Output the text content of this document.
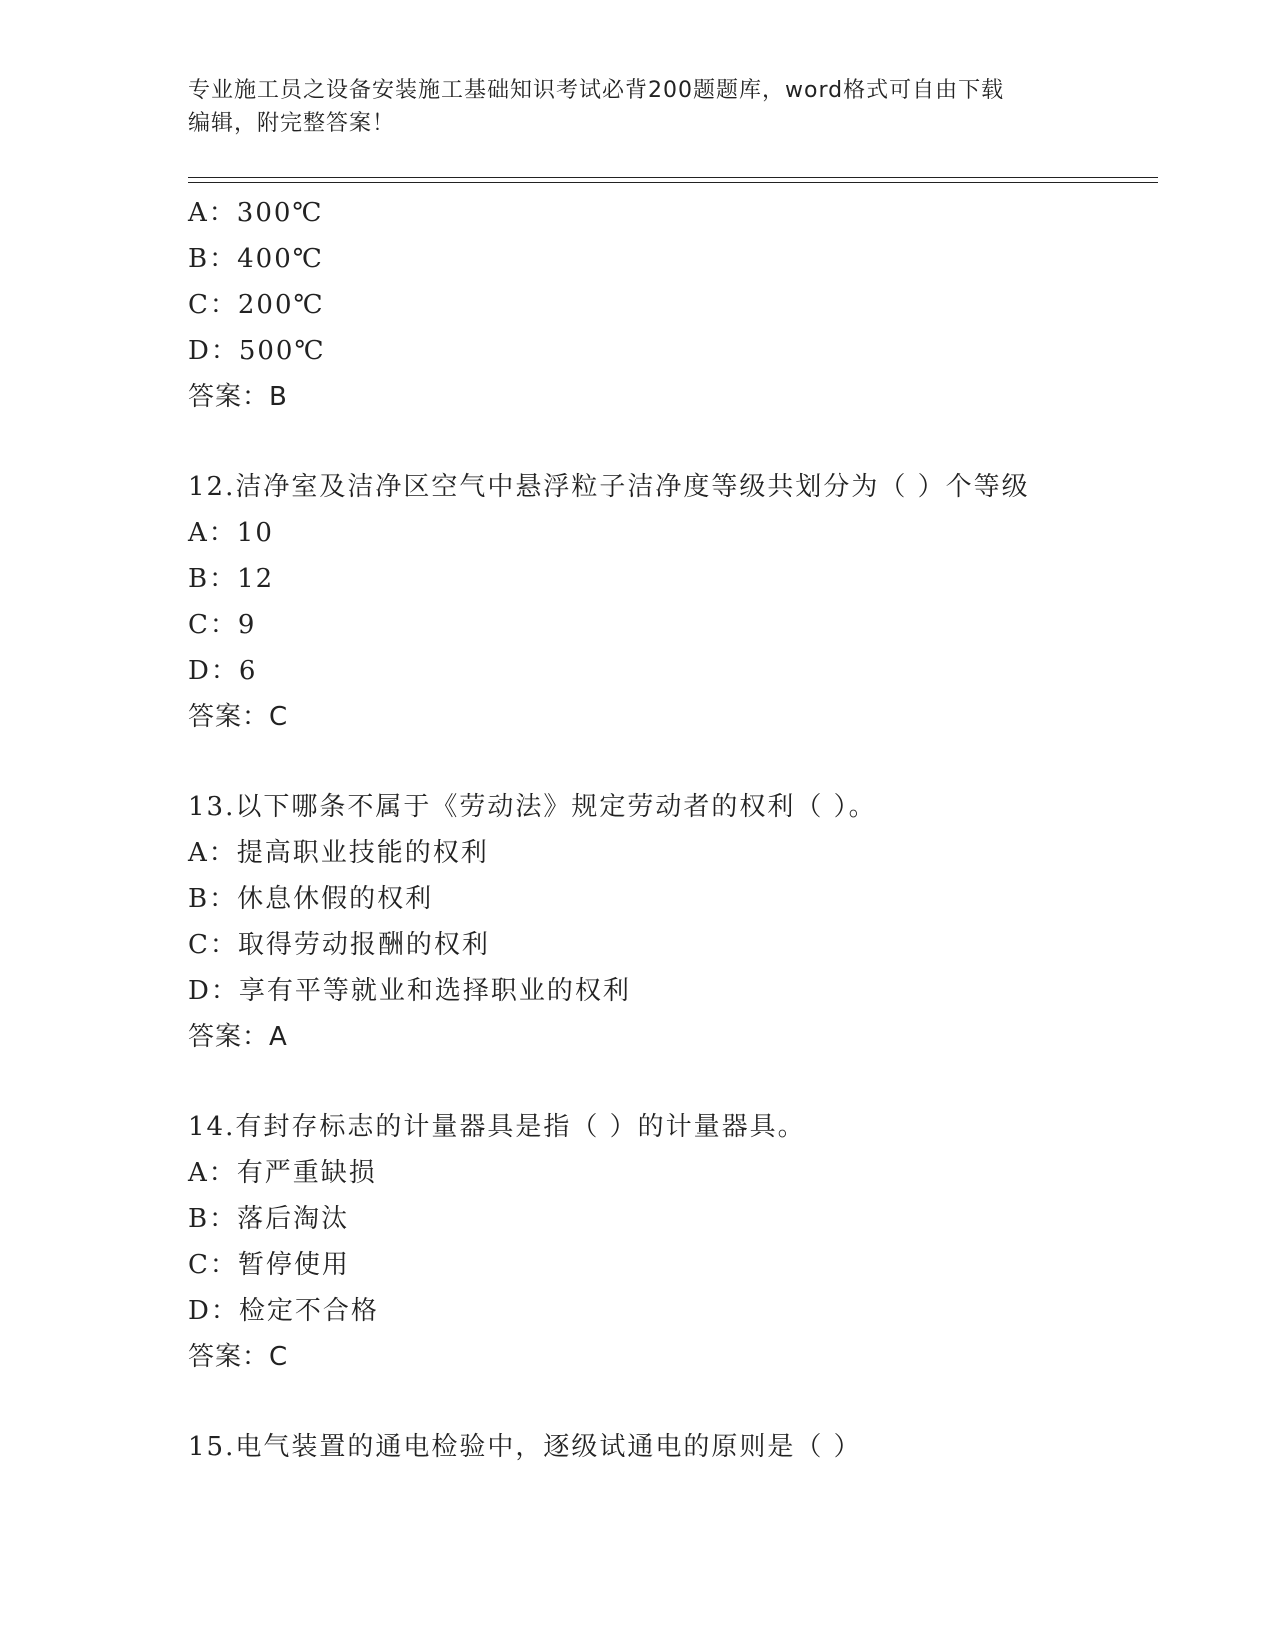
专业施工员之设备安装施工基础知识考试必背200题题库，word格式可自由下载
编辑，附完整答案！
A：300℃
B：400℃
C：200℃
D：500℃
答案：B
12.洁净室及洁净区空气中悬浮粒子洁净度等级共划分为（ ）个等级
A：10
B：12
C：9
D：6
答案：C
13.以下哪条不属于《劳动法》规定劳动者的权利（ ）。
A：提高职业技能的权利
B：休息休假的权利
C：取得劳动报酬的权利
D：享有平等就业和选择职业的权利
答案：A
14.有封存标志的计量器具是指（ ）的计量器具。
A：有严重缺损
B：落后淘汰
C：暂停使用
D：检定不合格
答案：C
15.电气装置的通电检验中，逐级试通电的原则是（ ）
